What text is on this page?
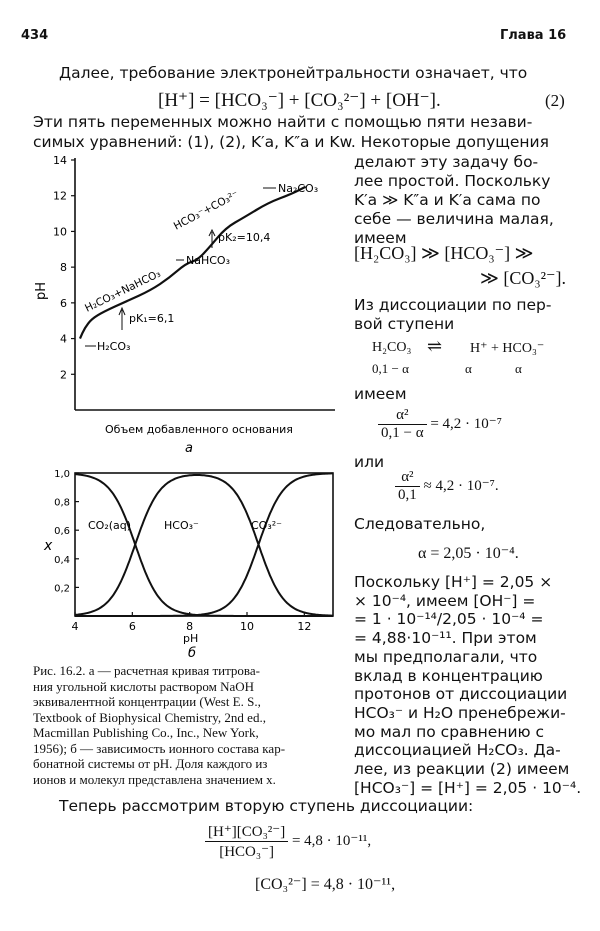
434	Глава 16
Далее, требование электронейтральности означает, что
[H⁺] = [HCO₃⁻] + [CO₃²⁻] + [OH⁻].	(2)
Эти пять переменных можно найти с помощью пяти незави-
симых уравнений: (1), (2), K′a, K″a и Kw. Некоторые допущения
2
4
6
8
10
12
14
pH
H₂CO₃
H₂CO₃+NaHCO₃
pK₁=6,1
NaHCO₃
HCO₃⁻+CO₃²⁻
pK₂=10,4
Na₂CO₃
Объем добавленного основания
а
4	6	8	10	12
0,2
0,4
0,6
0,8
1,0
x
CO₂(aq)	HCO₃⁻	CO₃²⁻
pH
б
Рис. 16.2. а — расчетная кривая титрова-
ния угольной кислоты раствором NaOH
эквивалентной концентрации (West E. S.,
Textbook of Biophysical Chemistry, 2nd ed.,
Macmillan Publishing Co., Inc., New York,
1956); б — зависимость ионного состава кар-
бонатной системы от pH. Доля каждого из
ионов и молекул представлена значением x.
делают эту задачу бо-
лее простой. Поскольку
K′a ≫ K″a и K′a сама по
себе — величина малая,
имеем
[H₂CO₃] ≫ [HCO₃⁻] ≫
≫ [CO₃²⁻].
Из диссоциации по пер-
вой ступени
H₂CO₃ ⇌ H⁺ + HCO₃⁻
0,1 − α	α	α
имеем
$\frac{\text{α²}}{0,1 - \alpha} = 4,2 \cdot 10^{-7}$
или
$\frac{\text{α²}}{0,1} \approx 4,2 \cdot 10^{-7}$.
Следовательно,
α = 2,05 · 10⁻⁴.
Поскольку [H⁺] = 2,05 ×
× 10⁻⁴, имеем [OH⁻] =
= 1 · 10⁻¹⁴/2,05 · 10⁻⁴ =
= 4,88·10⁻¹¹. При этом
мы предполагали, что
вклад в концентрацию
протонов от диссоциации
HCO₃⁻ и H₂O пренебрежи-
мо мал по сравнению с
диссоциацией H₂CO₃. Да-
лее, из реакции (2) имеем
[HCO₃⁻] = [H⁺] = 2,05 · 10⁻⁴.
Теперь рассмотрим вторую ступень диссоциации:
$\frac{\text{[H⁺][CO₃²⁻]}}{\text{[HCO₃⁻]}} = 4,8 \cdot 10^{-11}$,
[CO₃²⁻] = 4,8 · 10⁻¹¹,
